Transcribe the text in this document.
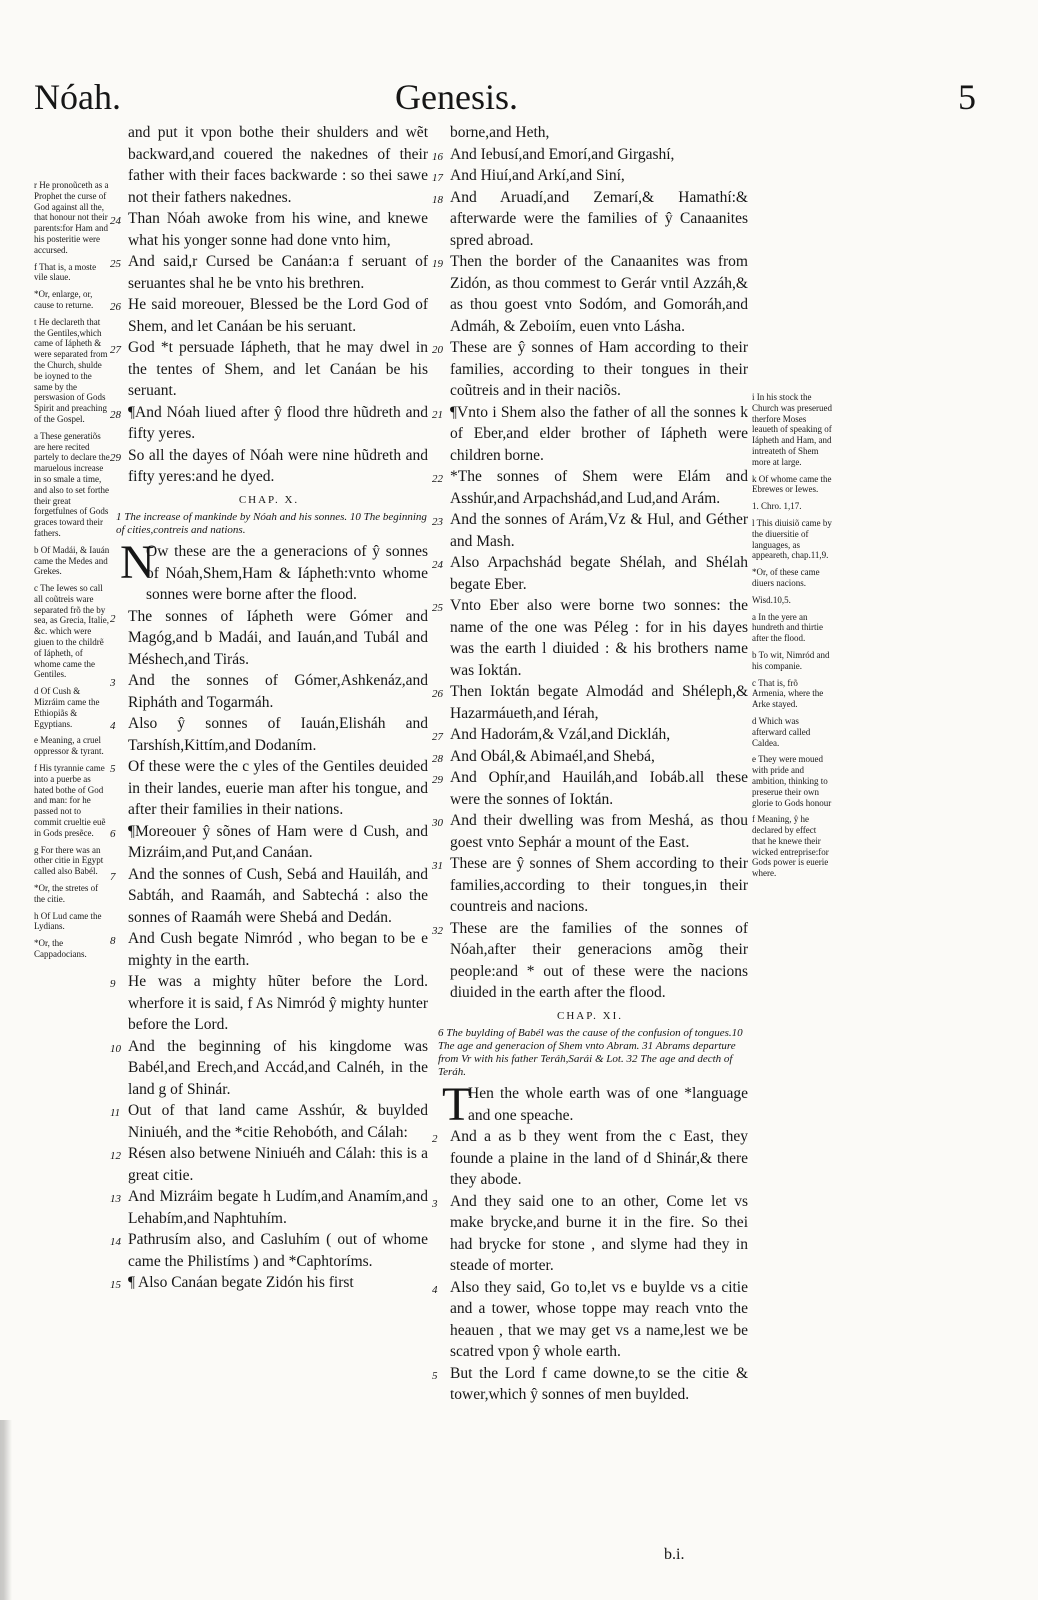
Nóah.	Genesis.	5

r He pronoũceth as a Prophet the curse of God against all the, that honour not their parents:for Ham and his posteritie were accursed.

f That is, a moste vile slaue.

*Or, enlarge, or, cause to returne.

t He declareth that the Gentiles,which came of Iápheth & were separated from the Church, shulde be ioyned to the same by the perswasion of Gods Spirit and preaching of the Gospel.

a These generatiõs are here recited partely to declare the maruelous increase in so smale a time, and also to set forthe their great forgetfulnes of Gods graces toward their fathers.

b Of Madái, & Iauán came the Medes and Grekes.

c The Iewes so call all coũtreis ware separated frõ the by sea, as Grecia, Italie, &c. which were giuen to the childrẽ of Iápheth, of whome came the Gentiles.

d Of Cush & Mizráim came the Ethiopiãs & Egyptians.

e Meaning, a cruel oppressor & tyrant.

f His tyrannie came into a puerbe as hated bothe of God and man: for he passed not to commit crueltie euẽ in Gods presẽce.

g For there was an other citie in Egypt called also Babél.

*Or, the stretes of the citie.

h Of Lud came the Lydians.

*Or, the Cappadocians.

i In his stock the Church was preserued therfore Moses leaueth of speaking of Iápheth and Ham, and intreateth of Shem more at large.

k Of whome came the Ebrewes or Iewes.

1. Chro. 1,17.

l This diuisiõ came by the diuersitie of languages, as appeareth, chap.11,9.

*Or, of these came diuers nacions.

Wisd.10,5.

a In the yere an hundreth and thirtie after the flood.

b To wit, Nimród and his companie.

c That is, frõ Armenia, where the Arke stayed.

d Which was afterward called Caldea.

e They were moued with pride and ambition, thinking to preserue their own glorie to Gods honour

f Meaning, ŷ he declared by effect that he knewe their wicked entreprise:for Gods power is euerie where.

and put it vpon bothe their shulders and wẽt backward,and couered the nakednes of their father with their faces backwarde : so thei sawe not their fathers nakednes.

24 Than Nóah awoke from his wine, and knewe what his yonger sonne had done vnto him,

25 And said,r Cursed be Canáan:a f seruant of seruantes shal he be vnto his brethren.

26 He said moreouer, Blessed be the Lord God of Shem, and let Canáan be his seruant.

27 God *t persuade Iápheth, that he may dwel in the tentes of Shem, and let Canáan be his seruant.

28 ¶And Nóah liued after ŷ flood thre hũdreth and fifty yeres.

29 So all the dayes of Nóah were nine hũdreth and fifty yeres:and he dyed.

CHAP. X.
1 The increase of mankinde by Nóah and his sonnes. 10 The beginning of cities,contreis and nations.

N
Ow these are the a generacions of ŷ sonnes of Nóah,Shem,Ham & Iápheth:vnto whome sonnes were borne after the flood.

2 The sonnes of Iápheth were Gómer and Magóg,and b Madái, and Iauán,and Tubál and Méshech,and Tirás.

3 And the sonnes of Gómer,Ashkenáz,and Ripháth and Togarmáh.

4 Also ŷ sonnes of Iauán,Elisháh and Tarshísh,Kittím,and Dodaním.

5 Of these were the c yles of the Gentiles deuided in their landes, euerie man after his tongue, and after their families in their nations.

6 ¶Moreouer ŷ sõnes of Ham were d Cush, and Mizráim,and Put,and Canáan.

7 And the sonnes of Cush, Sebá and Hauiláh, and Sabtáh, and Raamáh, and Sabtechá : also the sonnes of Raamáh were Shebá and Dedán.

8 And Cush begate Nimród , who began to be e mighty in the earth.

9 He was a mighty hũter before the Lord. wherfore it is said, f As Nimród ŷ mighty hunter before the Lord.

10 And the beginning of his kingdome was Babél,and Erech,and Accád,and Calnéh, in the land g of Shinár.

11 Out of that land came Asshúr, & buylded Niniuéh, and the *citie Rehobóth, and Cálah:

12 Résen also betwene Niniuéh and Cálah: this is a great citie.

13 And Mizráim begate h Ludím,and Anamím,and Lehabím,and Naphtuhím.

14 Pathrusím also, and Casluhím ( out of whome came the Philistíms ) and *Caphtoríms.

15 ¶ Also Canáan begate Zidón his first

borne,and Heth,

16 And Iebusí,and Emorí,and Girgashí,

17 And Hiuí,and Arkí,and Siní,

18 And Aruadí,and Zemarí,& Hamathí:& afterwarde were the families of ŷ Canaanites spred abroad.

19 Then the border of the Canaanites was from Zidón, as thou commest to Gerár vntil Azzáh,& as thou goest vnto Sodóm, and Gomoráh,and Admáh, & Zeboiím, euen vnto Lásha.

20 These are ŷ sonnes of Ham according to their families, according to their tongues in their coũtreis and in their naciõs.

21 ¶Vnto i Shem also the father of all the sonnes k of Eber,and elder brother of Iápheth were children borne.

22 *The sonnes of Shem were Elám and Asshúr,and Arpachshád,and Lud,and Arám.

23 And the sonnes of Arám,Vz & Hul, and Géther and Mash.

24 Also Arpachshád begate Shélah, and Shélah begate Eber.

25 Vnto Eber also were borne two sonnes: the name of the one was Péleg : for in his dayes was the earth l diuided : & his brothers name was Ioktán.

26 Then Ioktán begate Almodád and Shéleph,& Hazarmáueth,and Iérah,

27 And Hadorám,& Vzál,and Dickláh,

28 And Obál,& Abimaél,and Shebá,

29 And Ophír,and Hauiláh,and Iobáb.all these were the sonnes of Ioktán.

30 And their dwelling was from Meshá, as thou goest vnto Sephár a mount of the East.

31 These are ŷ sonnes of Shem according to their families,according to their tongues,in their countreis and nacions.

32 These are the families of the sonnes of Nóah,after their generacions amõg their people:and * out of these were the nacions diuided in the earth after the flood.

CHAP. XI.
6 The buylding of Babél was the cause of the confusion of tongues.10 The age and generacion of Shem vnto Abram. 31 Abrams departure from Vr with his father Teráh,Sarái & Lot. 32 The age and decth of Teráh.

T
Hen the whole earth was of one *language and one speache.

2 And a as b they went from the c East, they founde a plaine in the land of d Shinár,& there they abode.

3 And they said one to an other, Come let vs make brycke,and burne it in the fire. So thei had brycke for stone , and slyme had they in steade of morter.

4 Also they said, Go to,let vs e buylde vs a citie and a tower, whose toppe may reach vnto the heauen , that we may get vs a name,lest we be scatred vpon ŷ whole earth.

5 But the Lord f came downe,to se the citie & tower,which ŷ sonnes of men buylded.

b.i.
